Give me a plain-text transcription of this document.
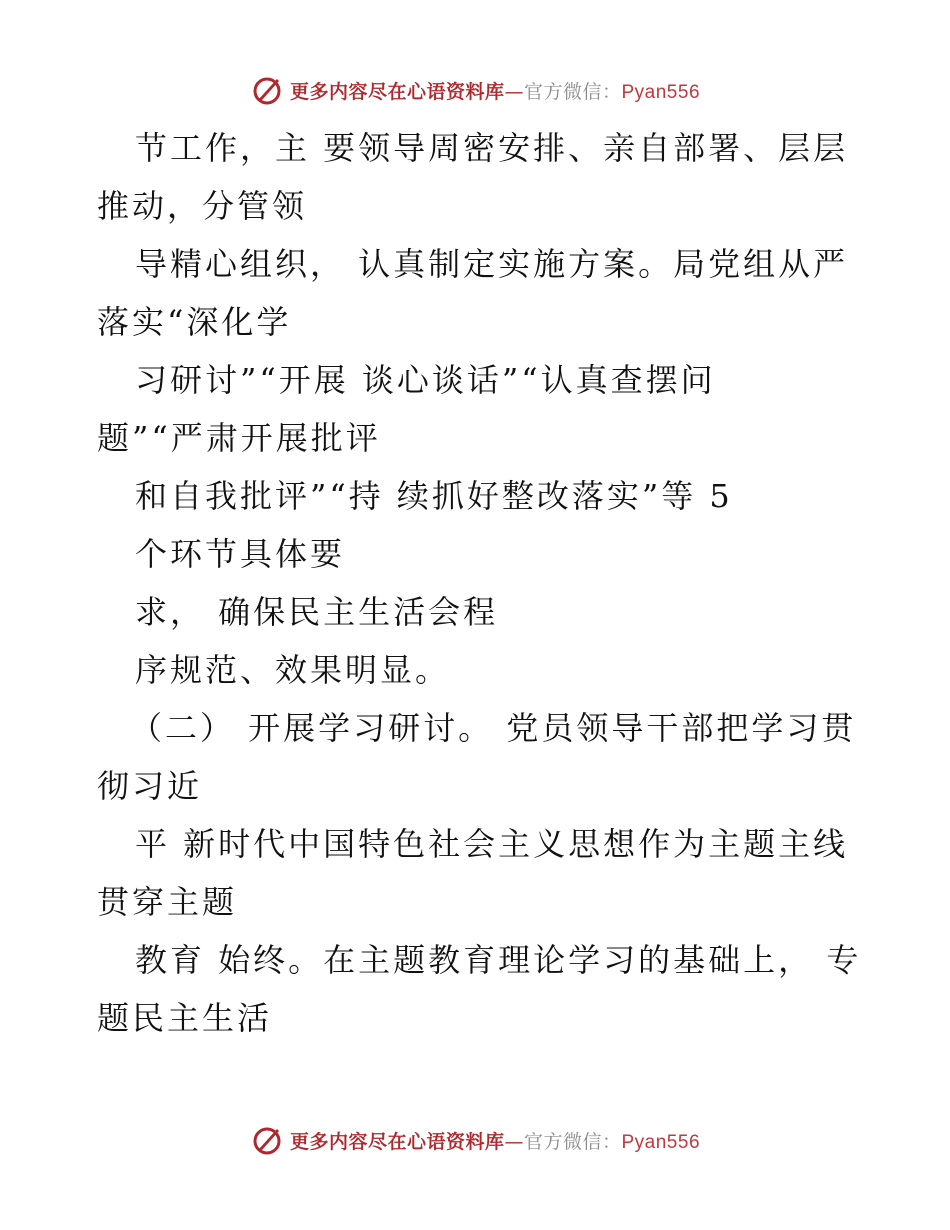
更多内容尽在心语资料库—官方微信：Pyan556
节工作，主 要领导周密安排、亲自部署、层层
推动，分管领
导精心组织， 认真制定实施方案。局党组从严
落实“深化学
习研讨”“开展 谈心谈话”“认真查摆问
题”“严肃开展批评
和自我批评”“持 续抓好整改落实”等 5
个环节具体要
求， 确保民主生活会程
序规范、效果明显。
（二） 开展学习研讨。 党员领导干部把学习贯
彻习近
平 新时代中国特色社会主义思想作为主题主线
贯穿主题
教育 始终。在主题教育理论学习的基础上， 专
题民主生活
更多内容尽在心语资料库—官方微信：Pyan556
